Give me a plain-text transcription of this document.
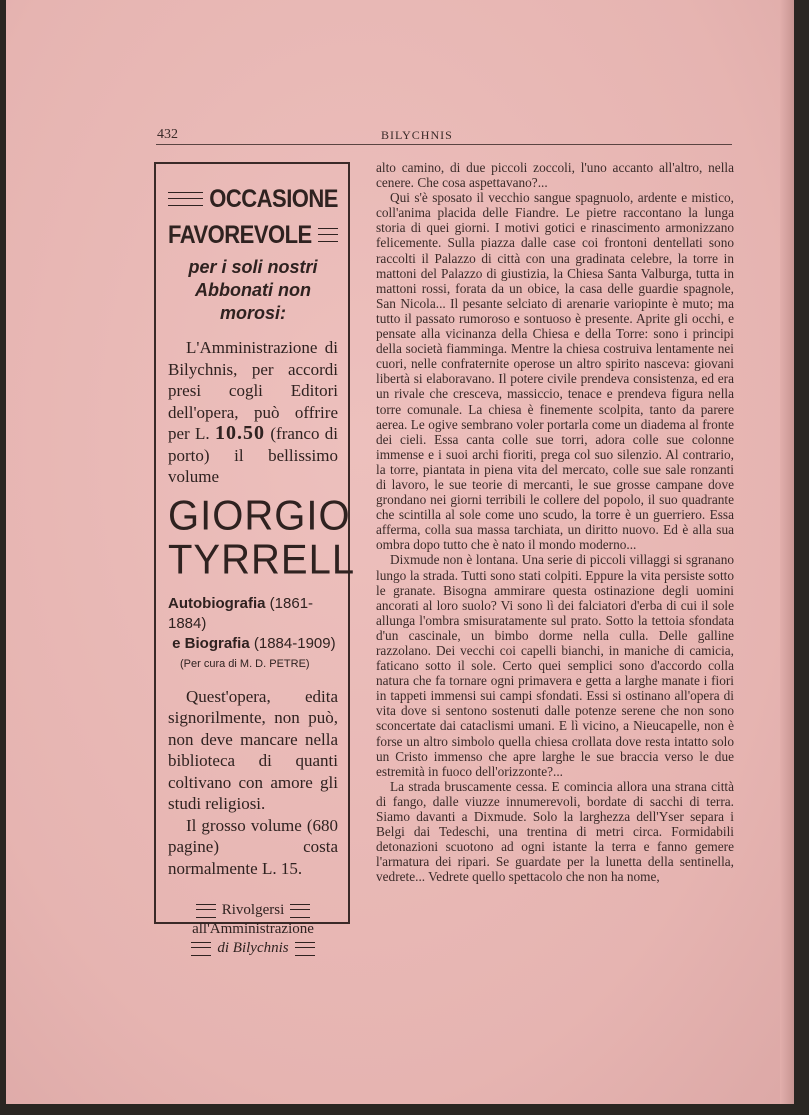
432	BILYCHNIS
OCCASIONE
FAVOREVOLE
per i soli nostri Abbonati non morosi:
L'Amministrazione di Bilychnis, per accordi presi cogli Editori dell'opera, può offrire per L. 10.50 (franco di porto) il bellissimo volume
GIORGIO
TYRRELL
Autobiografia (1861-1884)
e Biografia (1884-1909)
(Per cura di M. D. PETRE)
Quest'opera, edita signorilmente, non può, non deve mancare nella biblioteca di quanti coltivano con amore gli studi religiosi.
Il grosso volume (680 pagine) costa normalmente L. 15.
Rivolgersi
all'Amministrazione
di Bilychnis

alto camino, di due piccoli zoccoli, l'uno accanto all'altro, nella cenere. Che cosa aspettavano?...

Qui s'è sposato il vecchio sangue spagnuolo, ardente e mistico, coll'anima placida delle Fiandre. Le pietre raccontano la lunga storia di quei giorni. I motivi gotici e rinascimento armonizzano felicemente. Sulla piazza dalle case coi frontoni dentellati sono raccolti il Palazzo di città con una gradinata celebre, la torre in mattoni del Palazzo di giustizia, la Chiesa Santa Valburga, tutta in mattoni rossi, forata da un obice, la casa delle guardie spagnole, San Nicola... Il pesante selciato di arenarie variopinte è muto; ma tutto il passato rumoroso e sontuoso è presente. Aprite gli occhi, e pensate alla vicinanza della Chiesa e della Torre: sono i principi della società fiamminga. Mentre la chiesa costruiva lentamente nei cuori, nelle confraternite operose un altro spirito nasceva: giovani libertà si elaboravano. Il potere civile prendeva consistenza, ed era un rivale che cresceva, massiccio, tenace e prendeva figura nella torre comunale. La chiesa è finemente scolpita, tanto da parere aerea. Le ogive sembrano voler portarla come un diadema al fronte dei cieli. Essa canta colle sue torri, adora colle sue colonne immense e i suoi archi fioriti, prega col suo silenzio. Al contrario, la torre, piantata in piena vita del mercato, colle sue sale ronzanti di lavoro, le sue teorie di mercanti, le sue grosse campane dove grondano nei giorni terribili le collere del popolo, il suo quadrante che scintilla al sole come uno scudo, la torre è un guerriero. Essa afferma, colla sua massa tarchiata, un diritto nuovo. Ed è alla sua ombra dopo tutto che è nato il mondo moderno...

Dixmude non è lontana. Una serie di piccoli villaggi si sgranano lungo la strada. Tutti sono stati colpiti. Eppure la vita persiste sotto le granate. Bisogna ammirare questa ostinazione degli uomini ancorati al loro suolo? Vi sono lì dei falciatori d'erba di cui il sole allunga l'ombra smisuratamente sul prato. Sotto la tettoia sfondata d'un cascinale, un bimbo dorme nella culla. Delle galline razzolano. Dei vecchi coi capelli bianchi, in maniche di camicia, faticano sotto il sole. Certo quei semplici sono d'accordo colla natura che fa tornare ogni primavera e getta a larghe manate i fiori in tappeti immensi sui campi sfondati. Essi si ostinano all'opera di vita dove si sentono sostenuti dalle potenze serene che non sono sconcertate dai cataclismi umani. E lì vicino, a Nieucapelle, non è forse un altro simbolo quella chiesa crollata dove resta intatto solo un Cristo immenso che apre larghe le sue braccia verso le due estremità in fuoco dell'orizzonte?...

La strada bruscamente cessa. E comincia allora una strana città di fango, dalle viuzze innumerevoli, bordate di sacchi di terra. Siamo davanti a Dixmude. Solo la larghezza dell'Yser separa i Belgi dai Tedeschi, una trentina di metri circa. Formidabili detonazioni scuotono ad ogni istante la terra e fanno gemere l'armatura dei ripari. Se guardate per la lunetta della sentinella, vedrete... Vedrete quello spettacolo che non ha nome,
